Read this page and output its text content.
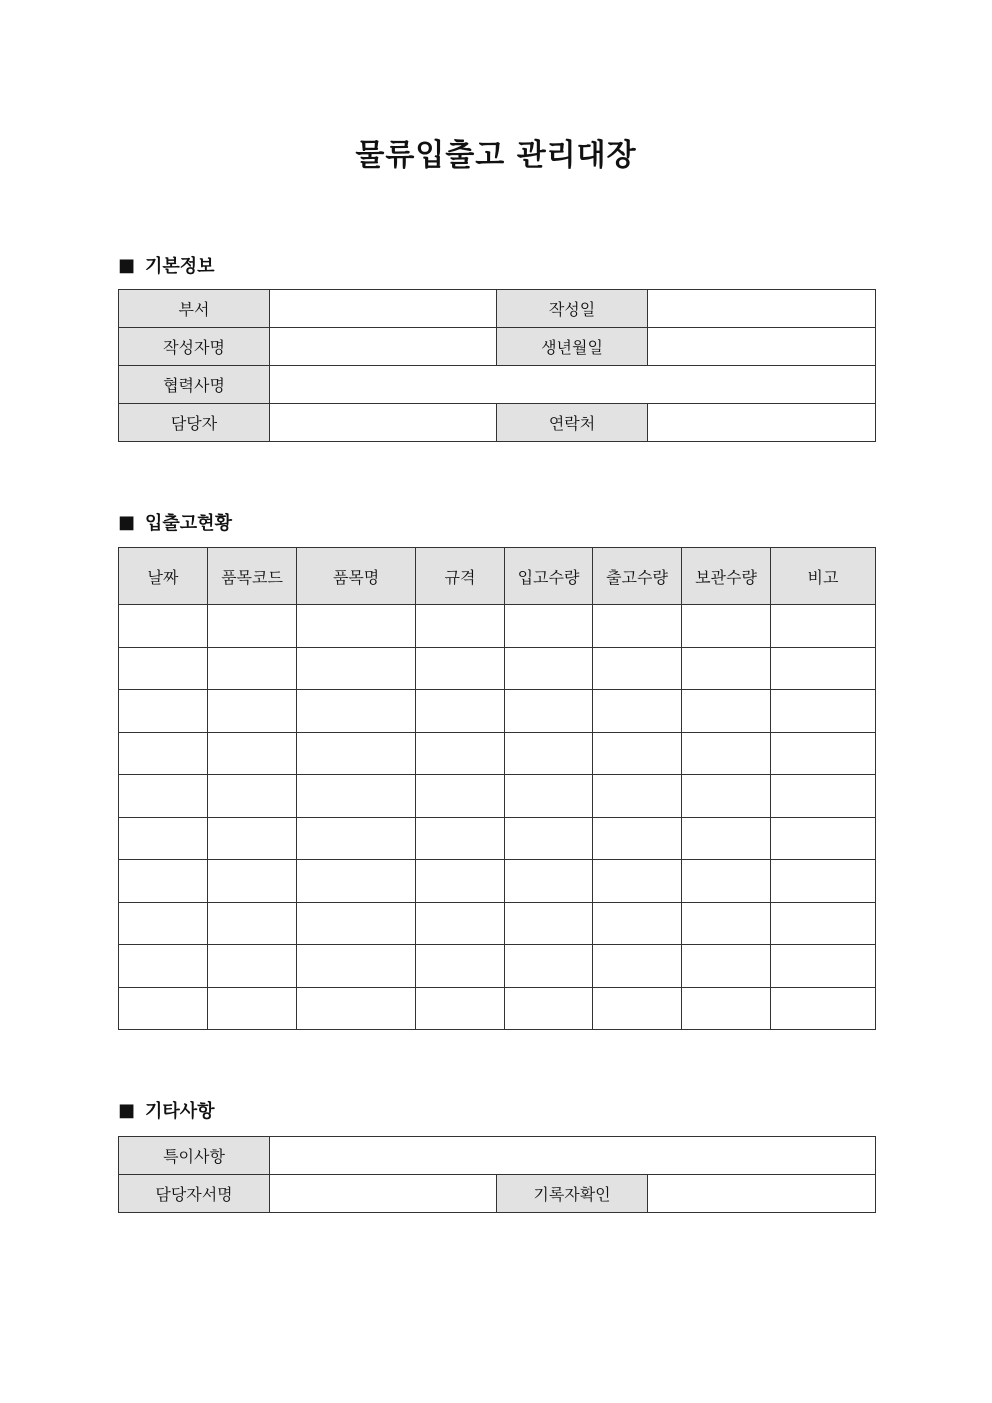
물류입출고 관리대장
■ 기본정보
부서		작성일	
작성자명		생년월일	
협력사명			
담당자		연락처	
■ 입출고현황
날짜	품목코드	품목명	규격	입고수량	출고수량	보관수량	비고

■ 기타사항
특이사항			
담당자서명		기록자확인	
